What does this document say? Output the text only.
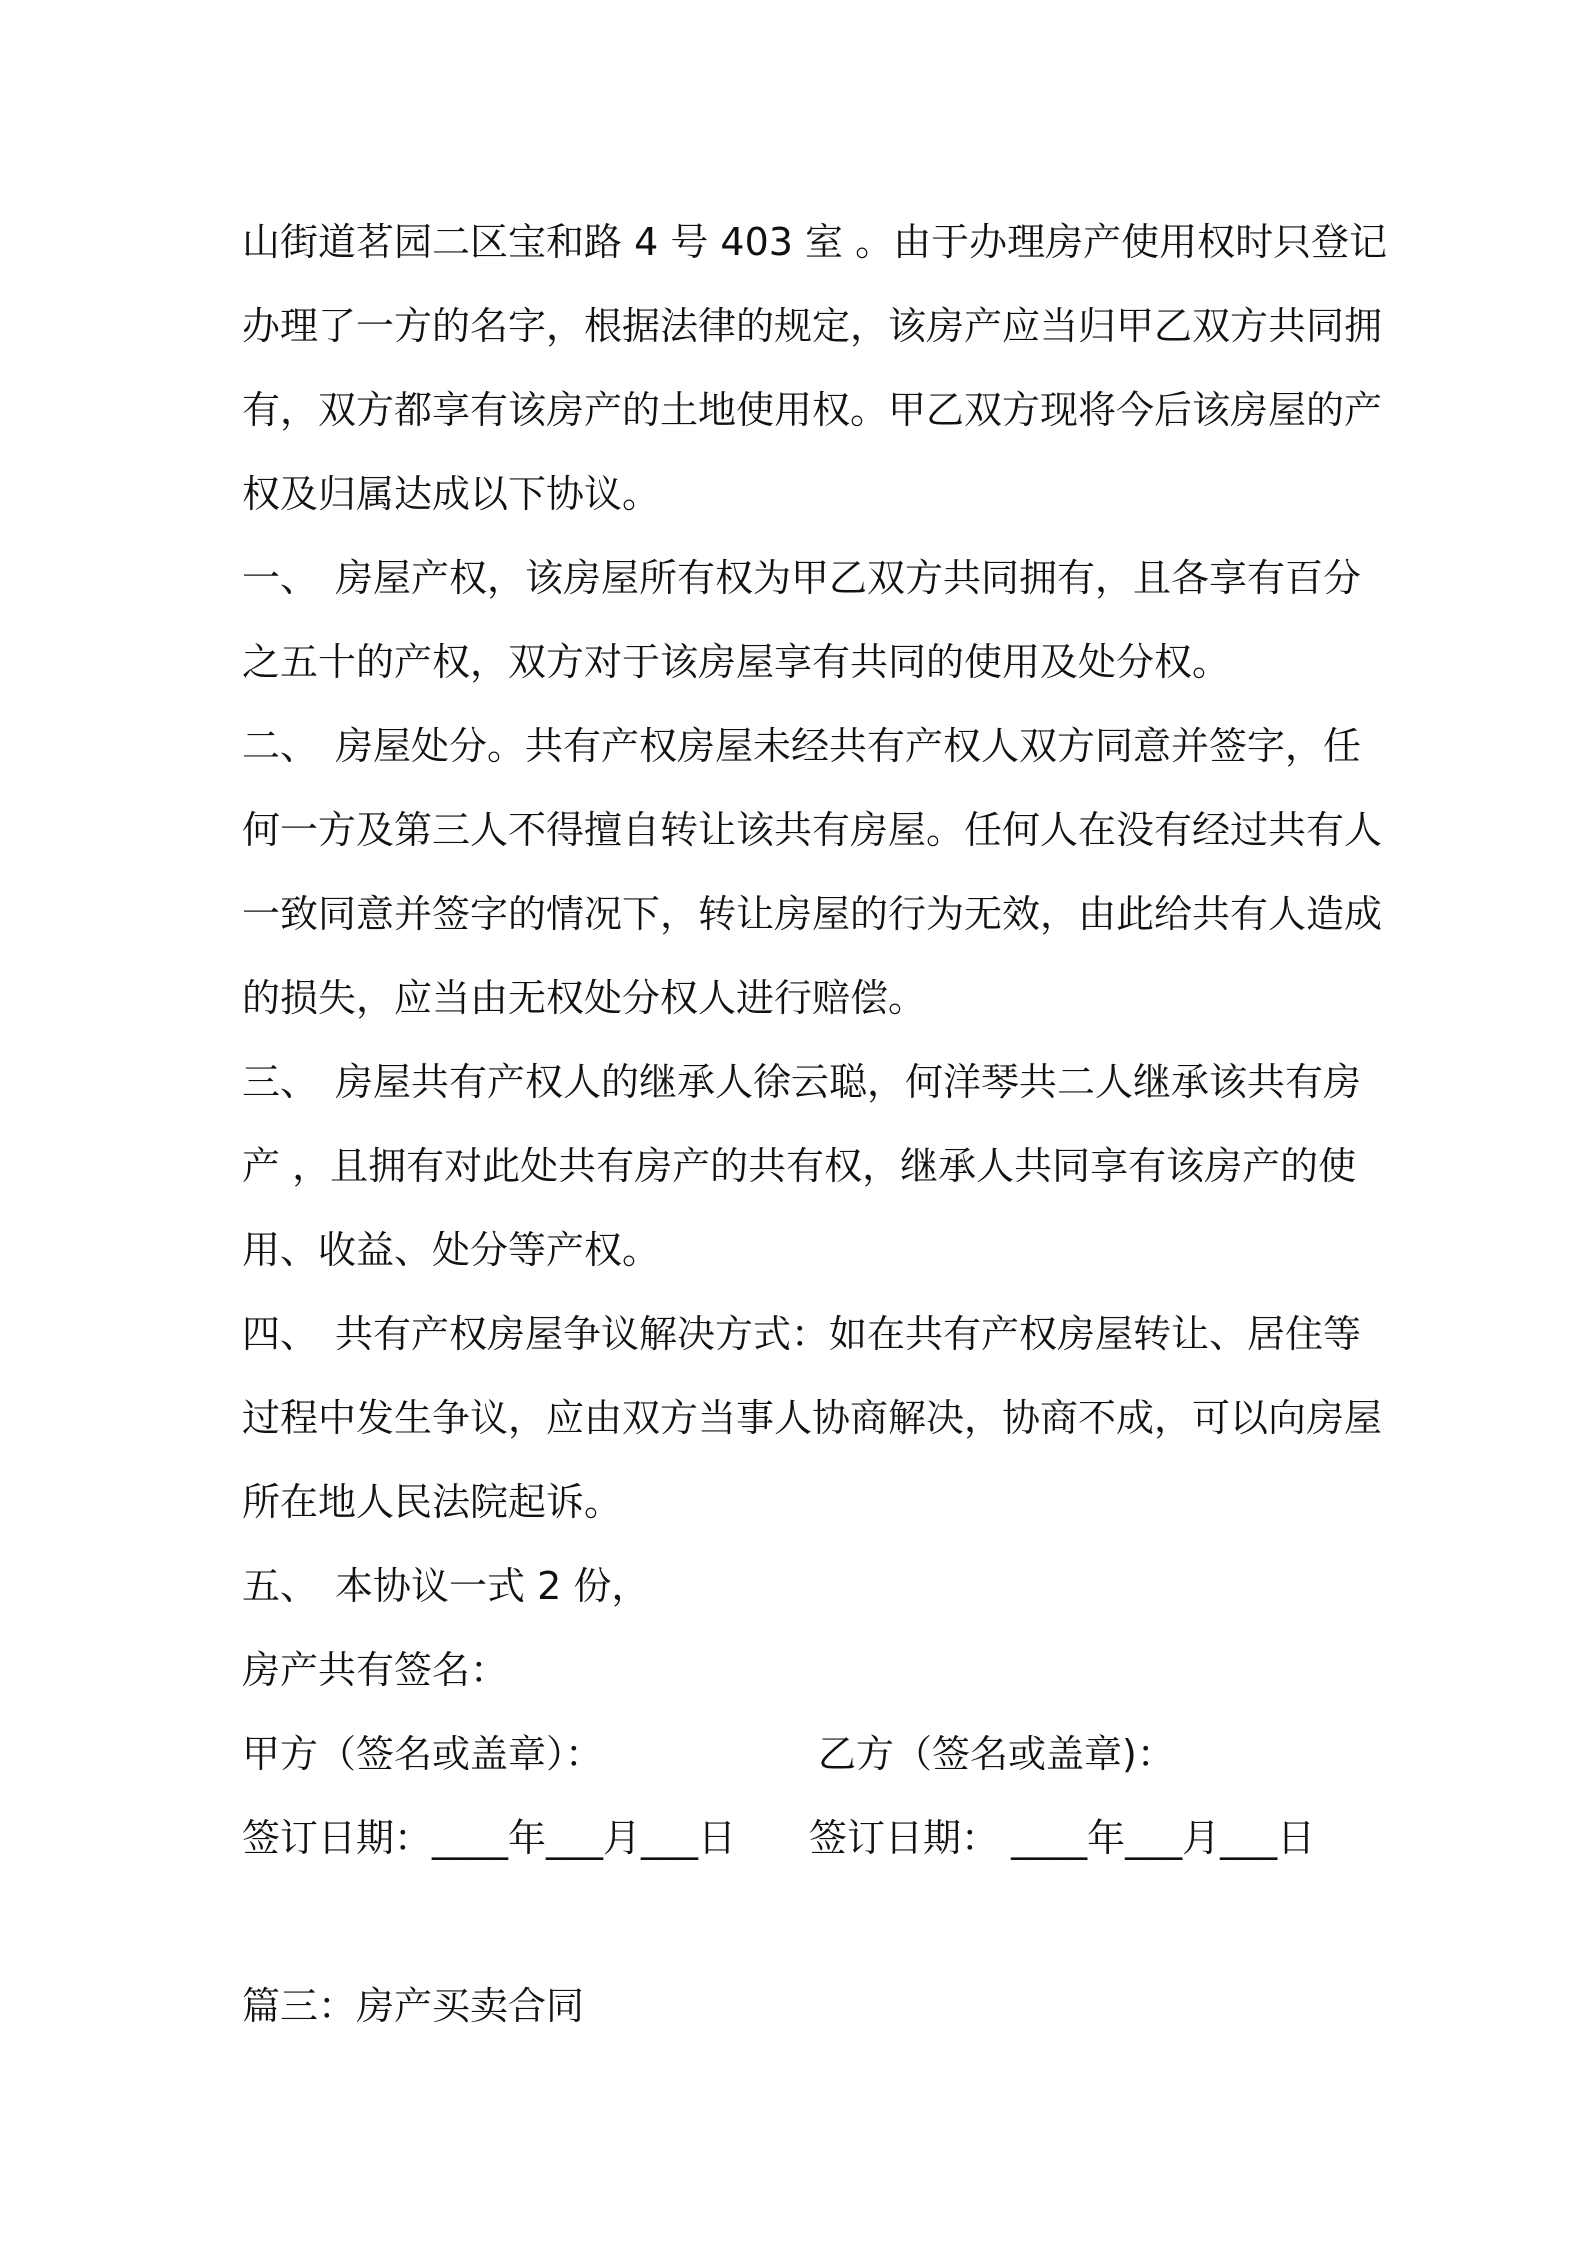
山街道茗园二区宝和路 4 号 403 室 。由于办理房产使用权时只登记
办理了一方的名字，根据法律的规定，该房产应当归甲乙双方共同拥
有，双方都享有该房产的土地使用权。甲乙双方现将今后该房屋的产
权及归属达成以下协议。
一、 房屋产权，该房屋所有权为甲乙双方共同拥有，且各享有百分
之五十的产权，双方对于该房屋享有共同的使用及处分权。
二、 房屋处分。共有产权房屋未经共有产权人双方同意并签字，任
何一方及第三人不得擅自转让该共有房屋。任何人在没有经过共有人
一致同意并签字的情况下，转让房屋的行为无效，由此给共有人造成
的损失，应当由无权处分权人进行赔偿。
三、 房屋共有产权人的继承人徐云聪，何洋琴共二人继承该共有房
产 ，且拥有对此处共有房产的共有权，继承人共同享有该房产的使
用、收益、处分等产权。
四、 共有产权房屋争议解决方式：如在共有产权房屋转让、居住等
过程中发生争议，应由双方当事人协商解决，协商不成，可以向房屋
所在地人民法院起诉。
五、 本协议一式 2 份，
房产共有签名：
甲方（签名或盖章）：	乙方（签名或盖章)：
签订日期：____年___月___日 签订日期： ____年___月___日
篇三：房产买卖合同
